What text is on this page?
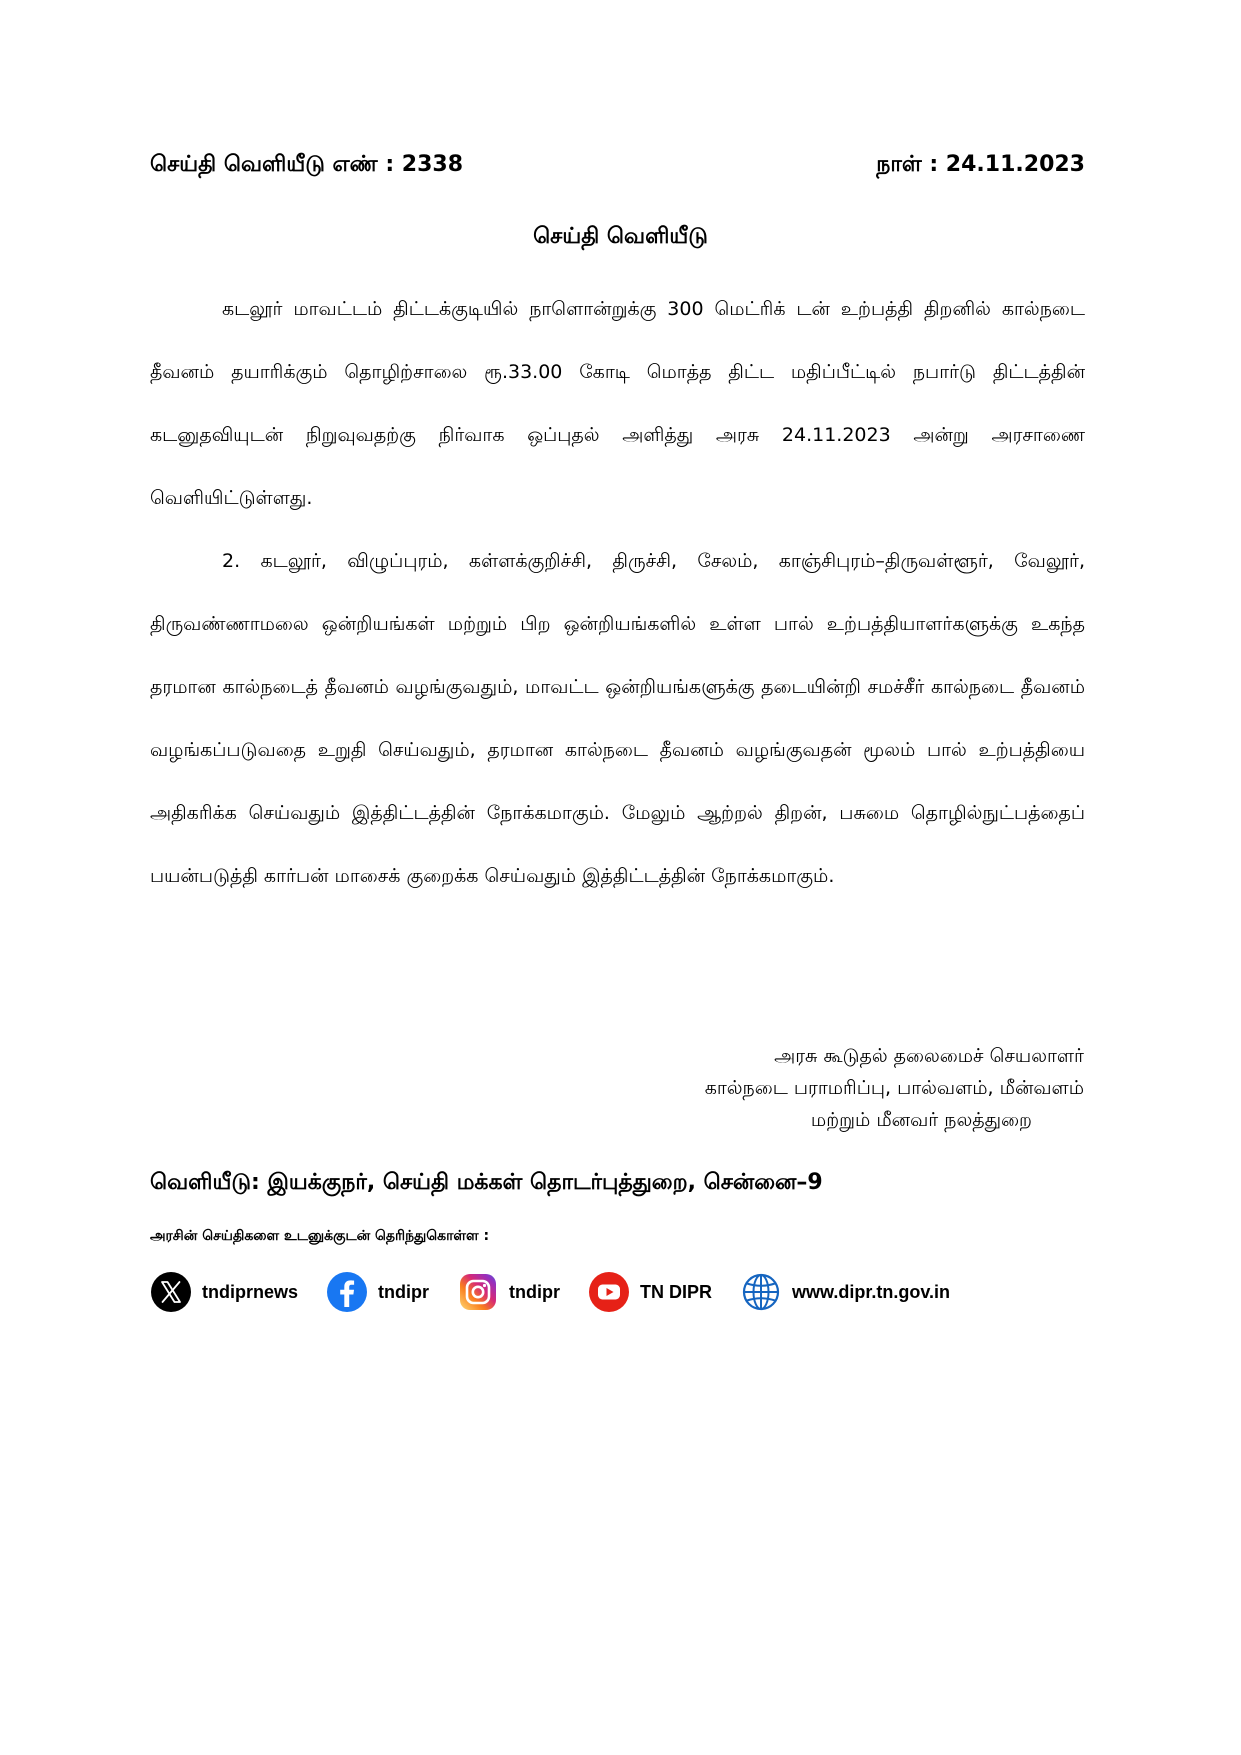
செய்தி வெளியீடு எண் : 2338	நாள் : 24.11.2023
செய்தி வெளியீடு

கடலூர் மாவட்டம் திட்டக்குடியில் நாளொன்றுக்கு 300 மெட்ரிக் டன் உற்பத்தி திறனில் கால்நடை தீவனம் தயாரிக்கும் தொழிற்சாலை ரூ.33.00 கோடி மொத்த திட்ட மதிப்பீட்டில் நபார்டு திட்டத்தின் கடனுதவியுடன் நிறுவுவதற்கு நிர்வாக ஒப்புதல் அளித்து அரசு 24.11.2023 அன்று அரசாணை வெளியிட்டுள்ளது.

2. கடலூர், விழுப்புரம், கள்ளக்குறிச்சி, திருச்சி, சேலம், காஞ்சிபுரம்–திருவள்ளூர், வேலூர், திருவண்ணாமலை ஒன்றியங்கள் மற்றும் பிற ஒன்றியங்களில் உள்ள பால் உற்பத்தியாளர்களுக்கு உகந்த தரமான கால்நடைத் தீவனம் வழங்குவதும், மாவட்ட ஒன்றியங்களுக்கு தடையின்றி சமச்சீர் கால்நடை தீவனம் வழங்கப்படுவதை உறுதி செய்வதும், தரமான கால்நடை தீவனம் வழங்குவதன் மூலம் பால் உற்பத்தியை அதிகரிக்க செய்வதும் இத்திட்டத்தின் நோக்கமாகும். மேலும் ஆற்றல் திறன், பசுமை தொழில்நுட்பத்தைப் பயன்படுத்தி கார்பன் மாசைக் குறைக்க செய்வதும் இத்திட்டத்தின் நோக்கமாகும்.

அரசு கூடுதல் தலைமைச் செயலாளர்
கால்நடை பராமரிப்பு, பால்வளம், மீன்வளம்
மற்றும் மீனவர் நலத்துறை
வெளியீடு: இயக்குநர், செய்தி மக்கள் தொடர்புத்துறை, சென்னை–9
அரசின் செய்திகளை உடனுக்குடன் தெரிந்துகொள்ள :
tndiprnews	tndipr	tndipr	TN DIPR	www.dipr.tn.gov.in
